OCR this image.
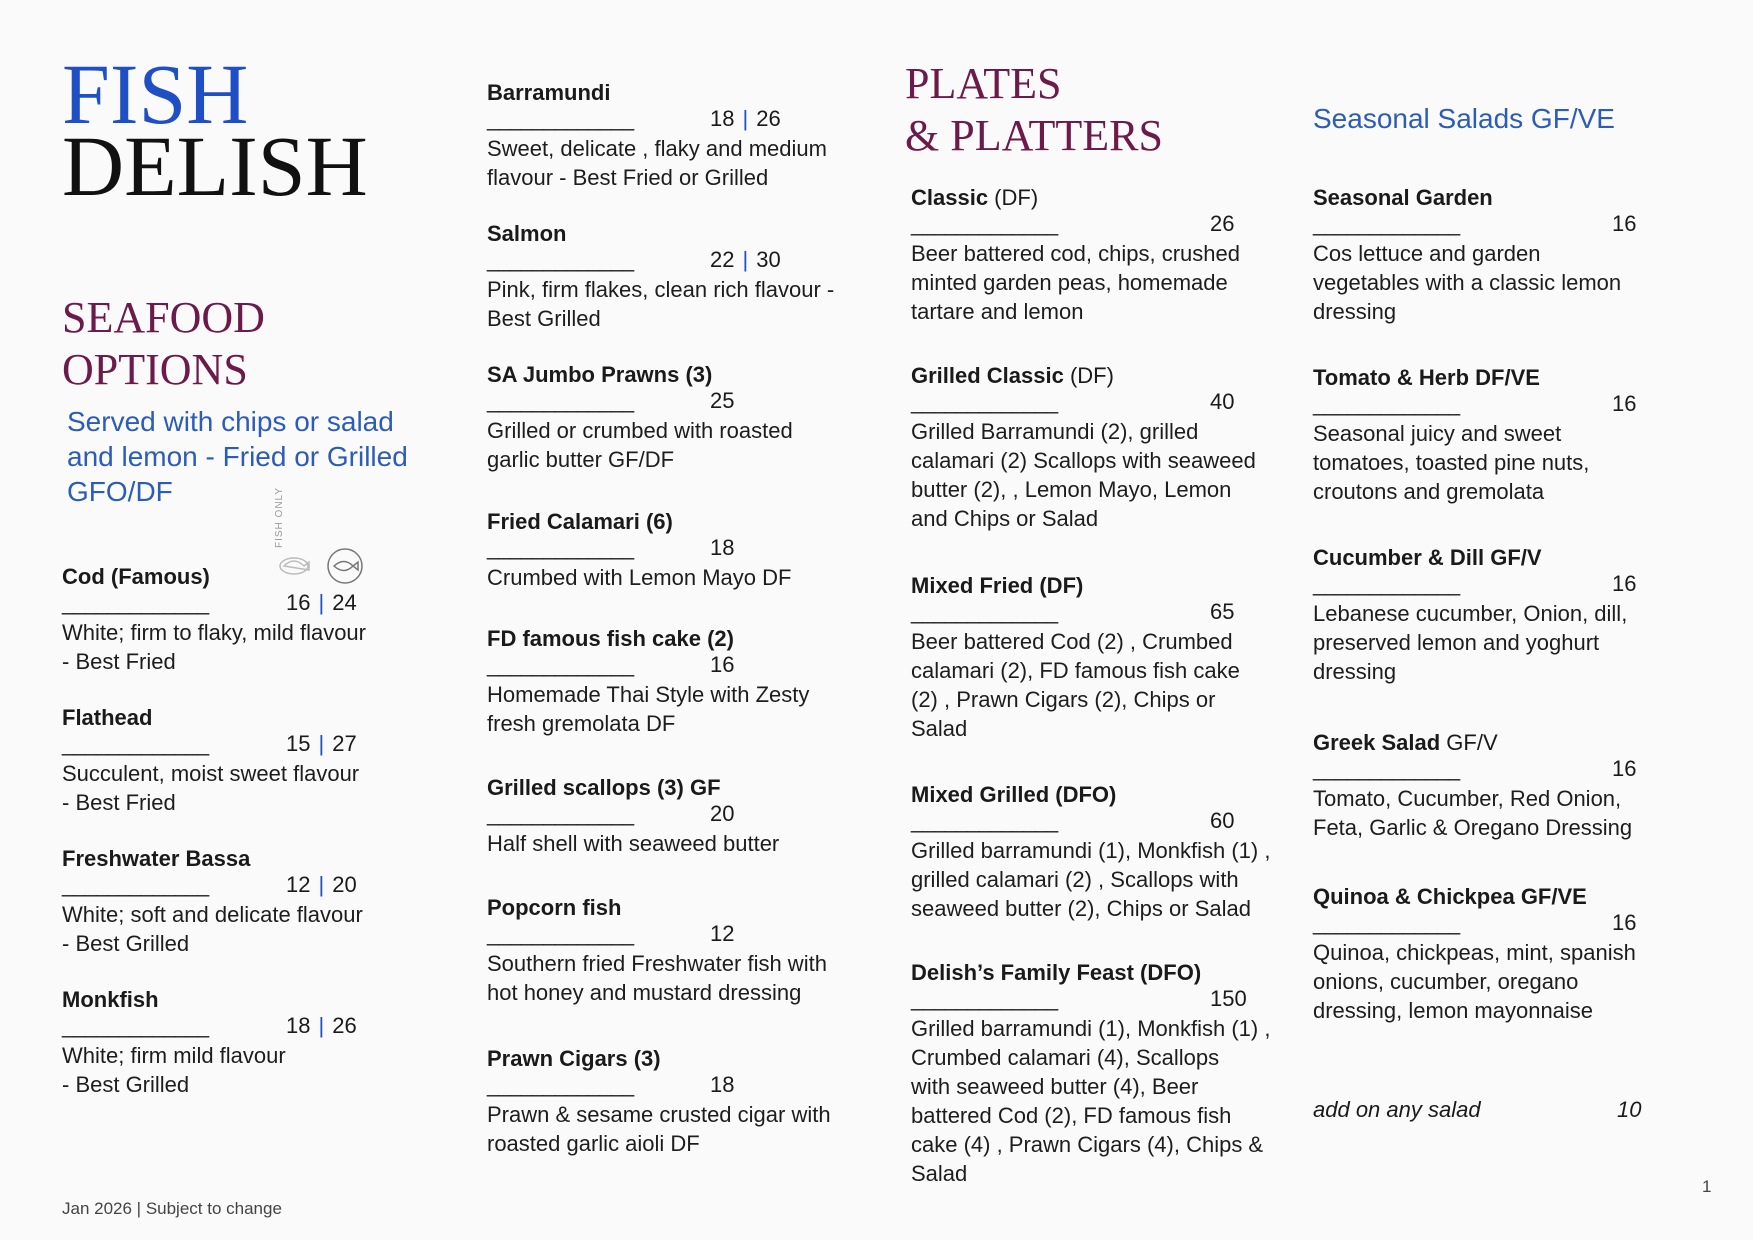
FISH
DELISH
SEAFOOD
OPTIONS
Served with chips or salad and lemon - Fried or Grilled GFO/DF	FISH ONLY
Cod (Famous)
_____________	16 | 24
White; firm to flaky, mild flavour
- Best Fried
Flathead
_____________	15 | 27
Succulent, moist sweet flavour
- Best Fried
Freshwater Bassa
_____________	12 | 20
White; soft and delicate flavour
- Best Grilled
Monkfish
_____________	18 | 26
White; firm mild flavour
- Best Grilled
Barramundi
_____________	18 | 26
Sweet, delicate , flaky and medium
flavour - Best Fried or Grilled
Salmon
_____________	22 | 30
Pink, firm flakes, clean rich flavour -
Best Grilled
SA Jumbo Prawns (3)
_____________	25
Grilled or crumbed with roasted
garlic butter GF/DF
Fried Calamari (6)
_____________	18
Crumbed with Lemon Mayo DF
FD famous fish cake (2)
_____________	16
Homemade Thai Style with Zesty
fresh gremolata DF
Grilled scallops (3) GF
_____________	20
Half shell with seaweed butter
Popcorn fish
_____________	12
Southern fried Freshwater fish with
hot honey and mustard dressing
Prawn Cigars (3)
_____________	18
Prawn & sesame crusted cigar with
roasted garlic aioli DF
PLATES
& PLATTERS
Classic (DF)
_____________	26
Beer battered cod, chips, crushed
minted garden peas, homemade
tartare and lemon
Grilled Classic (DF)
_____________	40
Grilled Barramundi (2), grilled
calamari (2) Scallops with seaweed
butter (2), , Lemon Mayo, Lemon
and Chips or Salad
Mixed Fried (DF)
_____________	65
Beer battered Cod (2) , Crumbed
calamari (2), FD famous fish cake
(2) , Prawn Cigars (2), Chips or
Salad
Mixed Grilled (DFO)
_____________	60
Grilled barramundi (1), Monkfish (1) ,
grilled calamari (2) , Scallops with
seaweed butter (2), Chips or Salad
Delish’s Family Feast (DFO)
_____________	150
Grilled barramundi (1), Monkfish (1) ,
Crumbed calamari (4), Scallops
with seaweed butter (4), Beer
battered Cod (2), FD famous fish
cake (4) , Prawn Cigars (4), Chips &
Salad
Seasonal Salads GF/VE
Seasonal Garden
_____________	16
Cos lettuce and garden
vegetables with a classic lemon
dressing
Tomato & Herb DF/VE
_____________	16
Seasonal juicy and sweet
tomatoes, toasted pine nuts,
croutons and gremolata
Cucumber & Dill GF/V
_____________	16
Lebanese cucumber, Onion, dill,
preserved lemon and yoghurt
dressing
Greek Salad GF/V
_____________	16
Tomato, Cucumber, Red Onion,
Feta, Garlic & Oregano Dressing
Quinoa & Chickpea GF/VE
_____________	16
Quinoa, chickpeas, mint, spanish
onions, cucumber, oregano
dressing, lemon mayonnaise
add on any salad	10
Jan 2026 | Subject to change
1
